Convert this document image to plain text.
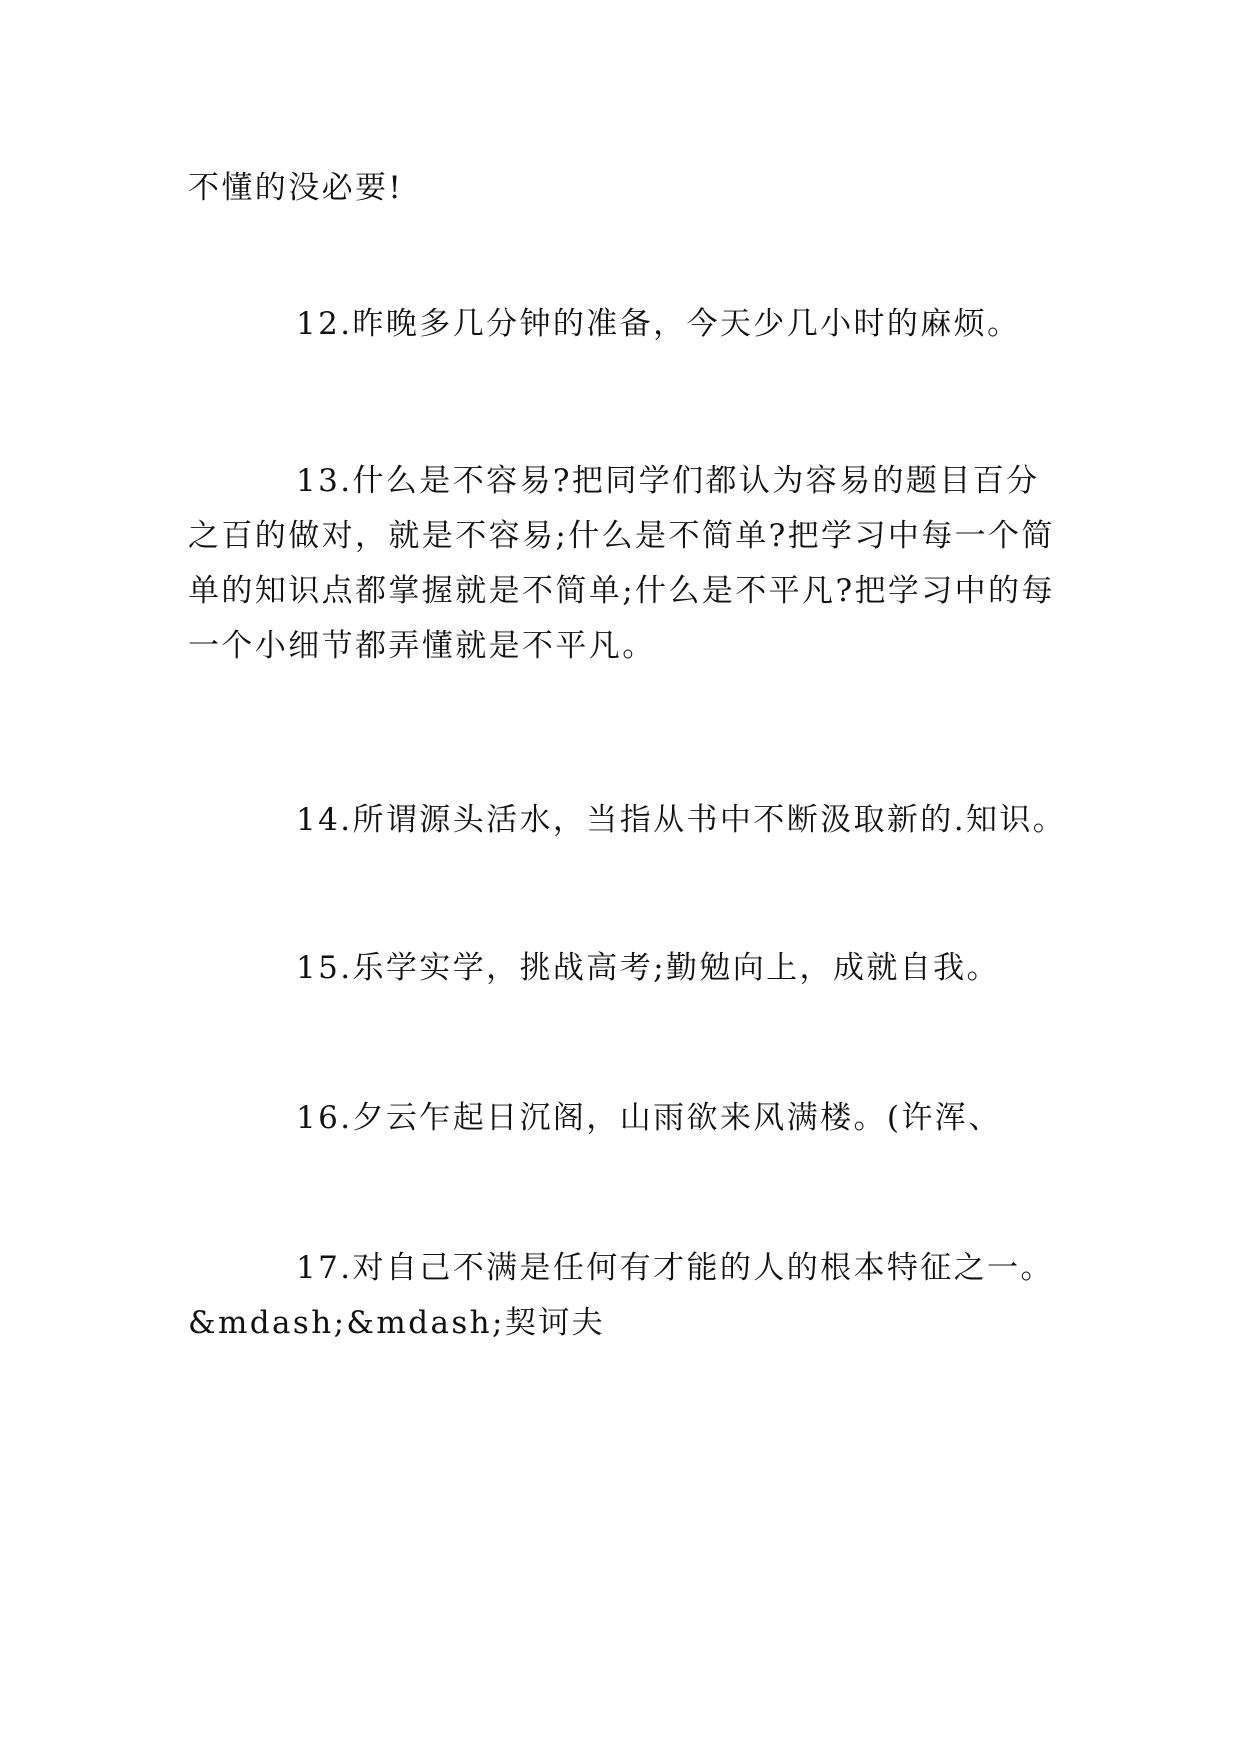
不懂的没必要!
12.昨晚多几分钟的准备，今天少几小时的麻烦。
13.什么是不容易?把同学们都认为容易的题目百分
之百的做对，就是不容易;什么是不简单?把学习中每一个简
单的知识点都掌握就是不简单;什么是不平凡?把学习中的每
一个小细节都弄懂就是不平凡。
14.所谓源头活水，当指从书中不断汲取新的.知识。
15.乐学实学，挑战高考;勤勉向上，成就自我。
16.夕云乍起日沉阁，山雨欲来风满楼。(许浑、
17.对自己不满是任何有才能的人的根本特征之一。
&mdash;&mdash;契诃夫
